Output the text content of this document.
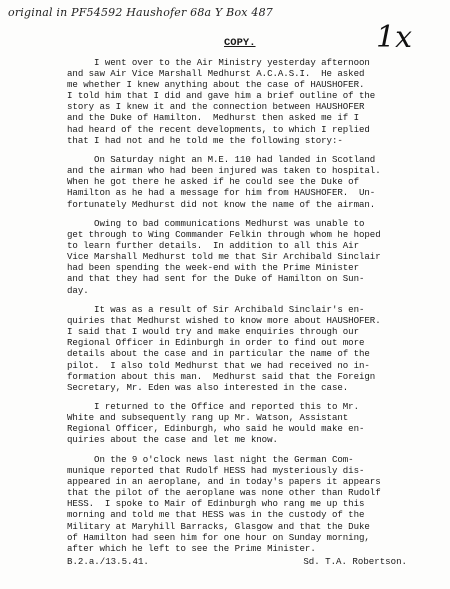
original in PF54592 Haushofer 68a Y Box 487
1x
COPY.
I went over to the Air Ministry yesterday afternoon
and saw Air Vice Marshall Medhurst A.C.A.S.I.  He asked
me whether I knew anything about the case of HAUSHOFER.
I told him that I did and gave him a brief outline of the
story as I knew it and the connection between HAUSHOFER
and the Duke of Hamilton.  Medhurst then asked me if I
had heard of the recent developments, to which I replied
that I had not and he told me the following story:-
On Saturday night an M.E. 110 had landed in Scotland
and the airman who had been injured was taken to hospital.
When he got there he asked if he could see the Duke of
Hamilton as he had a message for him from HAUSHOFER.  Un-
fortunately Medhurst did not know the name of the airman.
Owing to bad communications Medhurst was unable to
get through to Wing Commander Felkin through whom he hoped
to learn further details.  In addition to all this Air
Vice Marshall Medhurst told me that Sir Archibald Sinclair
had been spending the week-end with the Prime Minister
and that they had sent for the Duke of Hamilton on Sun-
day.
It was as a result of Sir Archibald Sinclair's en-
quiries that Medhurst wished to know more about HAUSHOFER.
I said that I would try and make enquiries through our
Regional Officer in Edinburgh in order to find out more
details about the case and in particular the name of the
pilot.  I also told Medhurst that we had received no in-
formation about this man.  Medhurst said that the Foreign
Secretary, Mr. Eden was also interested in the case.
I returned to the Office and reported this to Mr.
White and subsequently rang up Mr. Watson, Assistant
Regional Officer, Edinburgh, who said he would make en-
quiries about the case and let me know.
On the 9 o'clock news last night the German Com-
munique reported that Rudolf HESS had mysteriously dis-
appeared in an aeroplane, and in today's papers it appears
that the pilot of the aeroplane was none other than Rudolf
HESS.  I spoke to Mair of Edinburgh who rang me up this
morning and told me that HESS was in the custody of the
Military at Maryhill Barracks, Glasgow and that the Duke
of Hamilton had seen him for one hour on Sunday morning,
after which he left to see the Prime Minister.
B.2.a./13.5.41.	Sd. T.A. Robertson.
